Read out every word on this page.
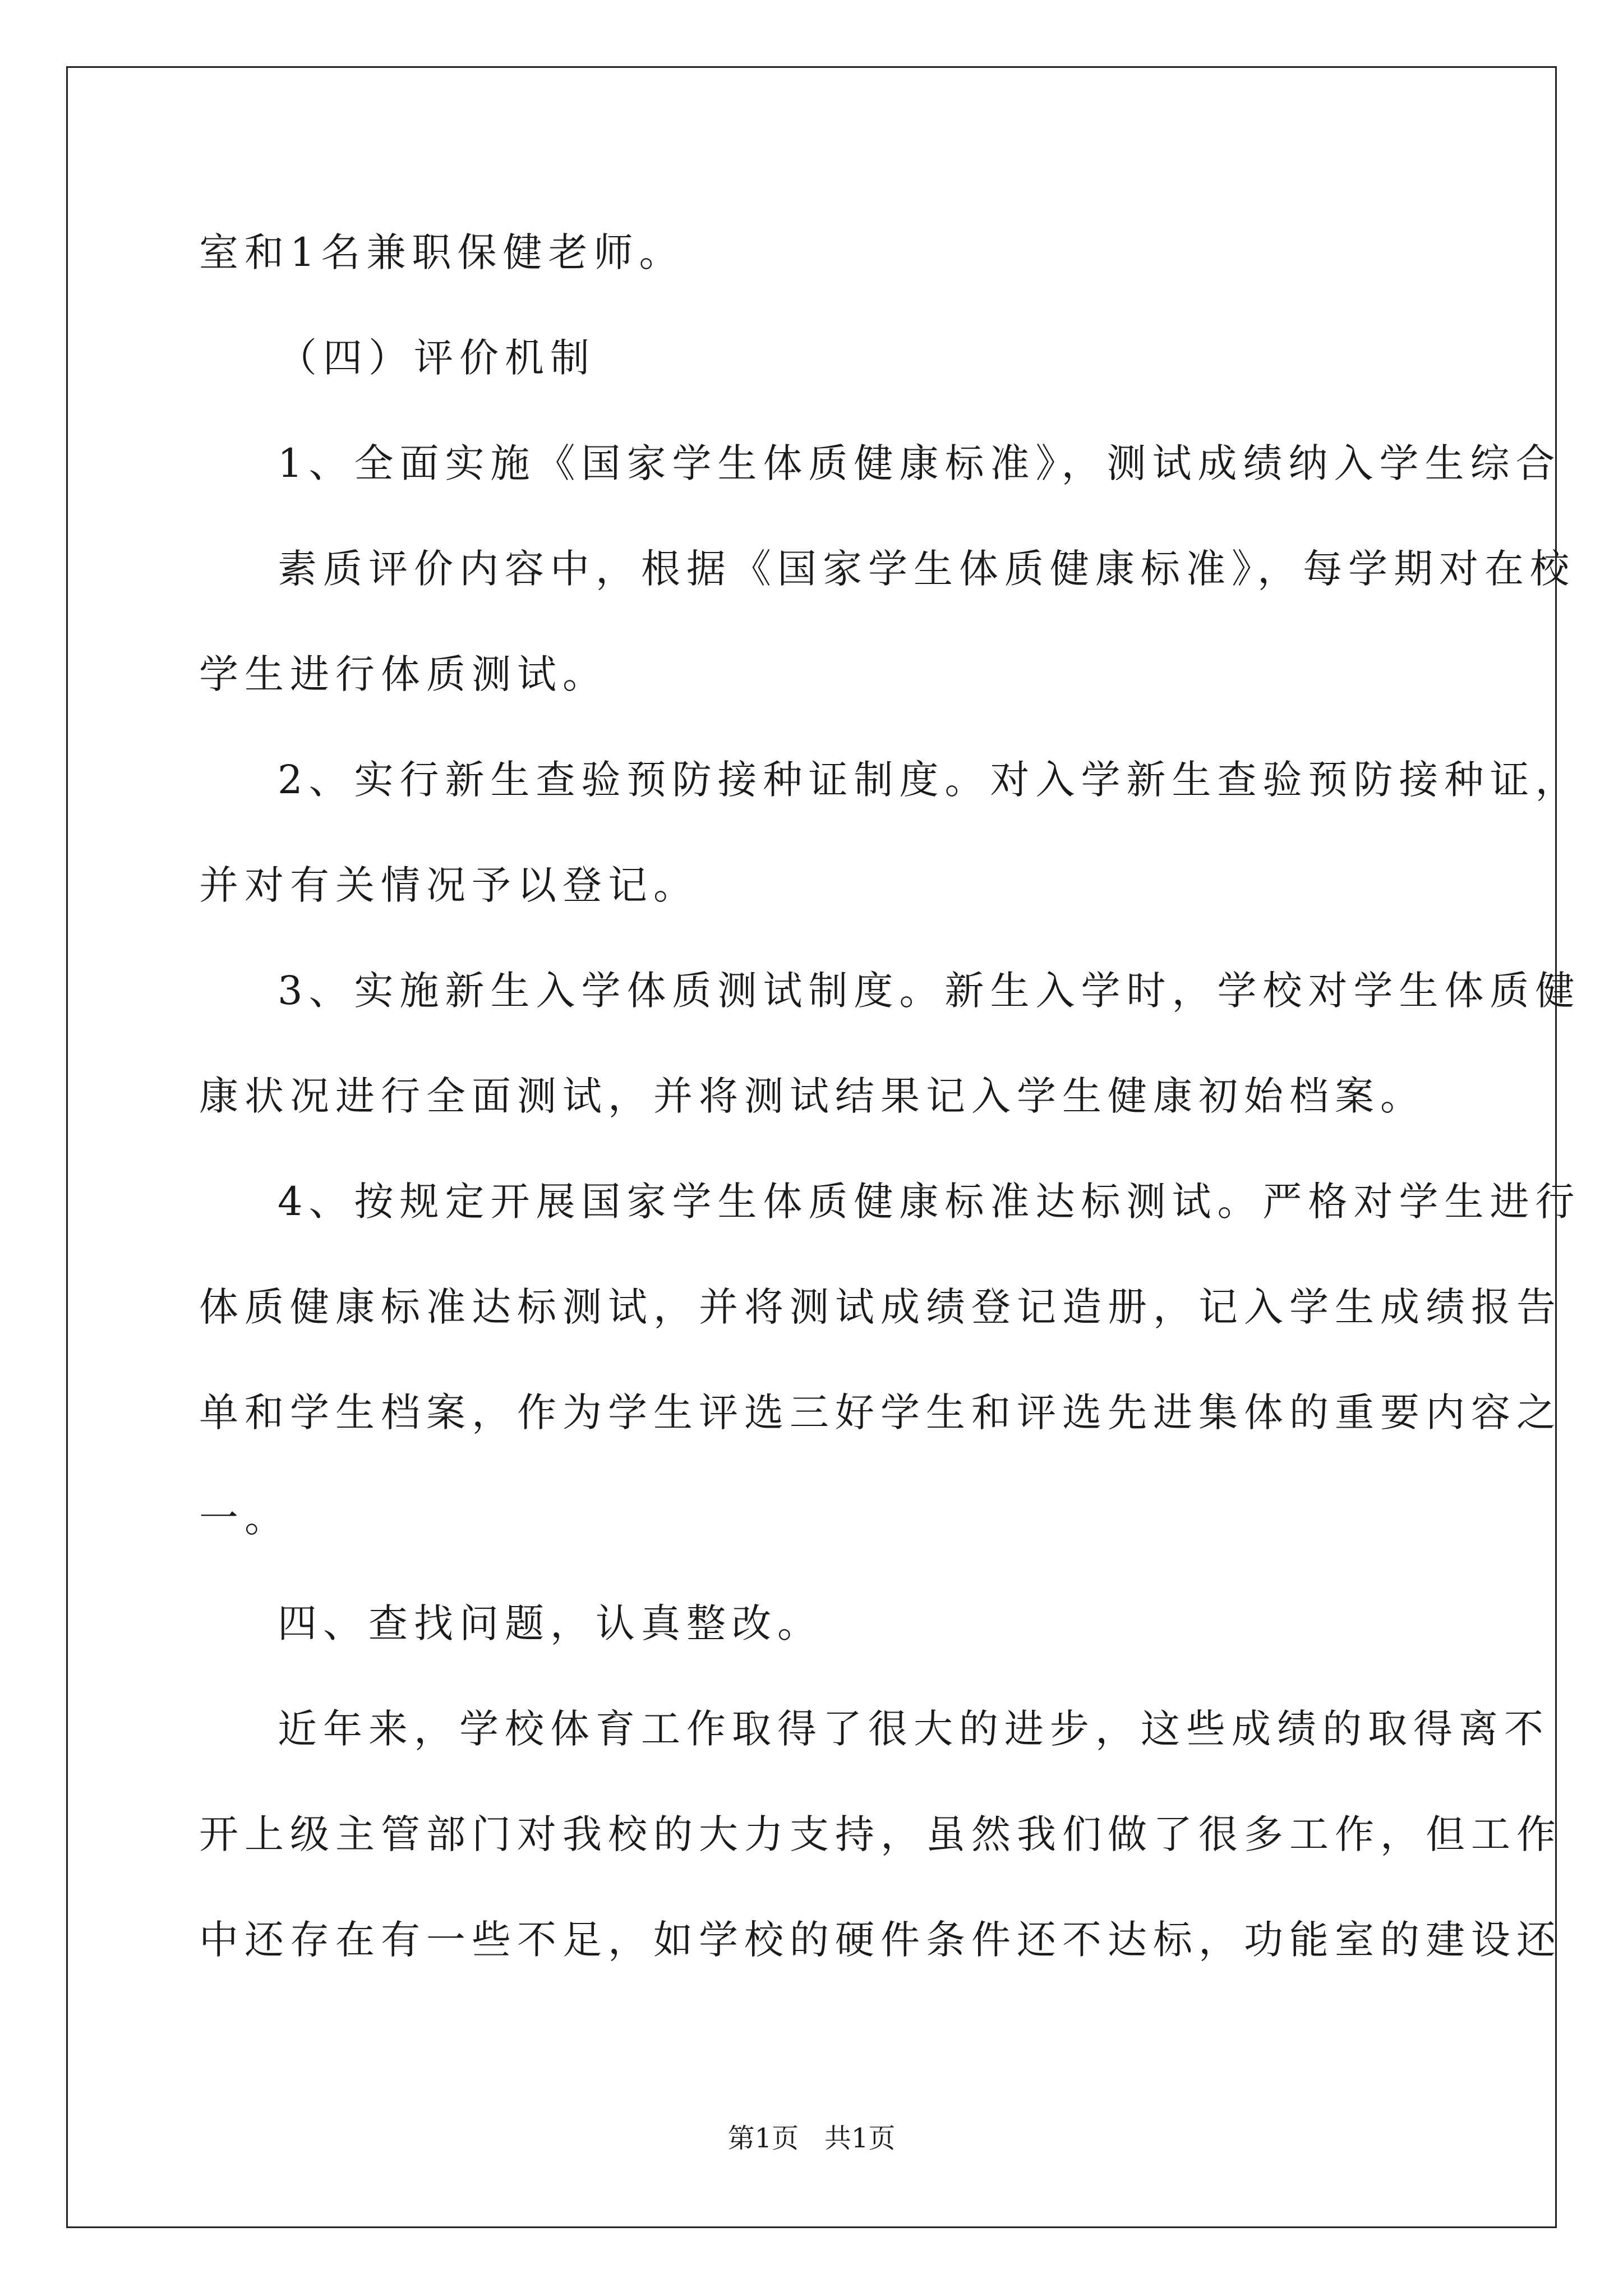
室和1名兼职保健老师。
（四）评价机制
1、全面实施《国家学生体质健康标准》，测试成绩纳入学生综合
素质评价内容中，根据《国家学生体质健康标准》，每学期对在校
学生进行体质测试。
2、实行新生查验预防接种证制度。对入学新生查验预防接种证，
并对有关情况予以登记。
3、实施新生入学体质测试制度。新生入学时，学校对学生体质健
康状况进行全面测试，并将测试结果记入学生健康初始档案。
4、按规定开展国家学生体质健康标准达标测试。严格对学生进行
体质健康标准达标测试，并将测试成绩登记造册，记入学生成绩报告
单和学生档案，作为学生评选三好学生和评选先进集体的重要内容之
一。
四、查找问题，认真整改。
近年来，学校体育工作取得了很大的进步，这些成绩的取得离不
开上级主管部门对我校的大力支持，虽然我们做了很多工作，但工作
中还存在有一些不足，如学校的硬件条件还不达标，功能室的建设还
第1页   共1页
